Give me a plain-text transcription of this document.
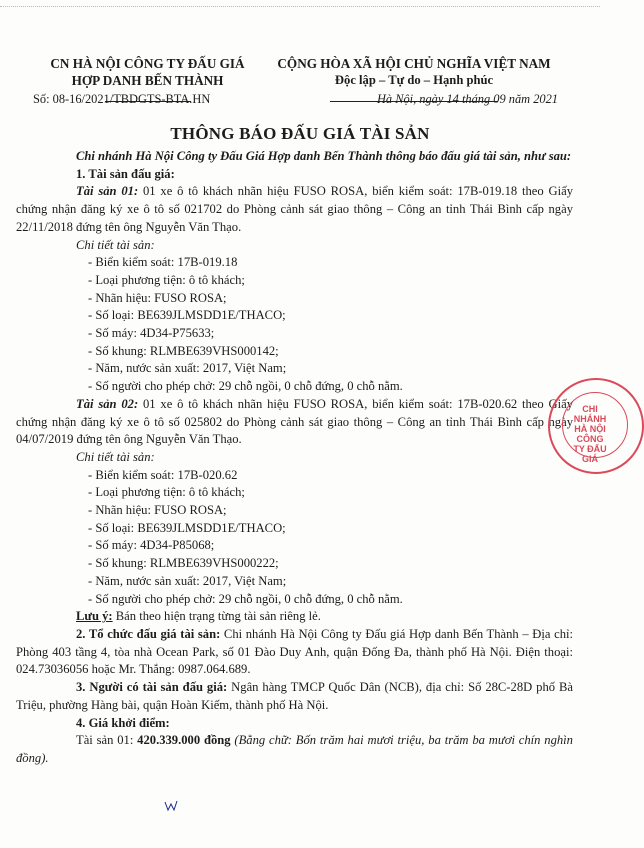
CN HÀ NỘI CÔNG TY ĐẤU GIÁ
HỢP DANH BẾN THÀNH
CỘNG HÒA XÃ HỘI CHỦ NGHĨA VIỆT NAM
Độc lập – Tự do – Hạnh phúc
Số: 08-16/2021/TBDGTS-BTA.HN	Hà Nội, ngày 14 tháng 09 năm 2021
THÔNG BÁO ĐẤU GIÁ TÀI SẢN

Chi nhánh Hà Nội Công ty Đấu Giá Hợp danh Bến Thành thông báo đấu giá tài sản, như sau:

1. Tài sản đấu giá:

Tài sản 01: 01 xe ô tô khách nhãn hiệu FUSO ROSA, biển kiểm soát: 17B-019.18 theo Giấy chứng nhận đăng ký xe ô tô số 021702 do Phòng cảnh sát giao thông – Công an tỉnh Thái Bình cấp ngày 22/11/2018 đứng tên ông Nguyễn Văn Thạo.

Chi tiết tài sản:

- Biển kiểm soát: 17B-019.18

- Loại phương tiện: ô tô khách;

- Nhãn hiệu: FUSO ROSA;

- Số loại: BE639JLMSDD1E/THACO;

- Số máy: 4D34-P75633;

- Số khung: RLMBE639VHS000142;

- Năm, nước sản xuất: 2017, Việt Nam;

- Số người cho phép chở: 29 chỗ ngồi, 0 chỗ đứng, 0 chỗ nằm.

Tài sản 02: 01 xe ô tô khách nhãn hiệu FUSO ROSA, biển kiểm soát: 17B-020.62 theo Giấy chứng nhận đăng ký xe ô tô số 025802 do Phòng cảnh sát giao thông – Công an tỉnh Thái Bình cấp ngày 04/07/2019 đứng tên ông Nguyễn Văn Thạo.

Chi tiết tài sản:

- Biển kiểm soát: 17B-020.62

- Loại phương tiện: ô tô khách;

- Nhãn hiệu: FUSO ROSA;

- Số loại: BE639JLMSDD1E/THACO;

- Số máy: 4D34-P85068;

- Số khung: RLMBE639VHS000222;

- Năm, nước sản xuất: 2017, Việt Nam;

- Số người cho phép chở: 29 chỗ ngồi, 0 chỗ đứng, 0 chỗ nằm.

Lưu ý: Bán theo hiện trạng từng tài sản riêng lẻ.

2. Tổ chức đấu giá tài sản: Chi nhánh Hà Nội Công ty Đấu giá Hợp danh Bến Thành – Địa chỉ: Phòng 403 tầng 4, tòa nhà Ocean Park, số 01 Đào Duy Anh, quận Đống Đa, thành phố Hà Nội. Điện thoại: 024.73036056 hoặc Mr. Thắng: 0987.064.689.

3. Người có tài sản đấu giá: Ngân hàng TMCP Quốc Dân (NCB), địa chỉ: Số 28C-28D phố Bà Triệu, phường Hàng bài, quận Hoàn Kiếm, thành phố Hà Nội.

4. Giá khởi điểm:

Tài sản 01: 420.339.000 đồng (Bằng chữ: Bốn trăm hai mươi triệu, ba trăm ba mươi chín nghìn đồng).

CHI NHÁNH HÀ NỘI CÔNG TY ĐẤU GIÁ
